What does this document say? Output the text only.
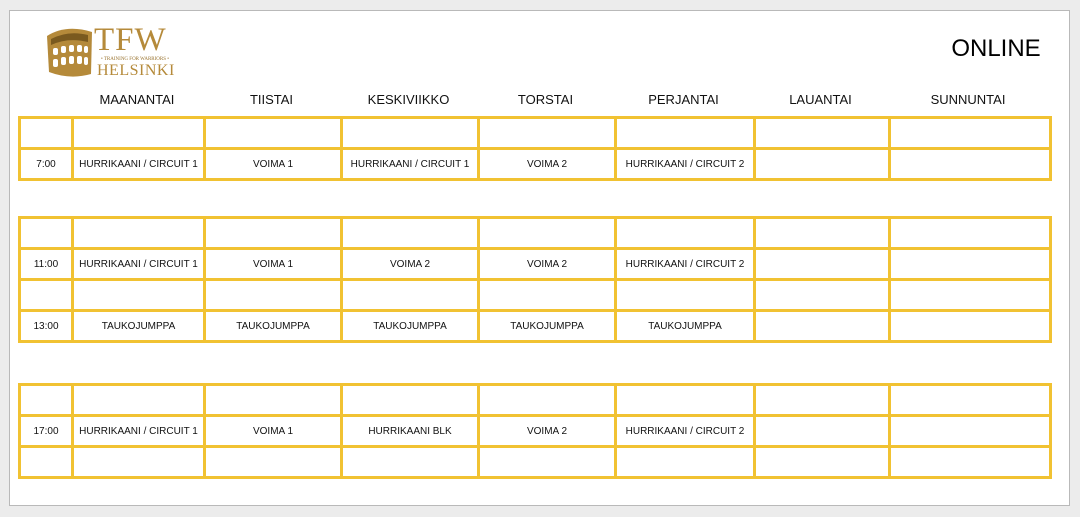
TFW
• TRAINING FOR WARRIORS •
HELSINKI
ONLINE
MAANANTAI	TIISTAI	KESKIVIIKKO	TORSTAI	PERJANTAI	LAUANTAI	SUNNUNTAI

7:00	HURRIKAANI / CIRCUIT 1	VOIMA 1	HURRIKAANI / CIRCUIT 1	VOIMA 2	HURRIKAANI / CIRCUIT 2		

11:00	HURRIKAANI / CIRCUIT 1	VOIMA 1	VOIMA 2	VOIMA 2	HURRIKAANI / CIRCUIT 2		

13:00	TAUKOJUMPPA	TAUKOJUMPPA	TAUKOJUMPPA	TAUKOJUMPPA	TAUKOJUMPPA		

17:00	HURRIKAANI / CIRCUIT 1	VOIMA 1	HURRIKAANI BLK	VOIMA 2	HURRIKAANI / CIRCUIT 2		
